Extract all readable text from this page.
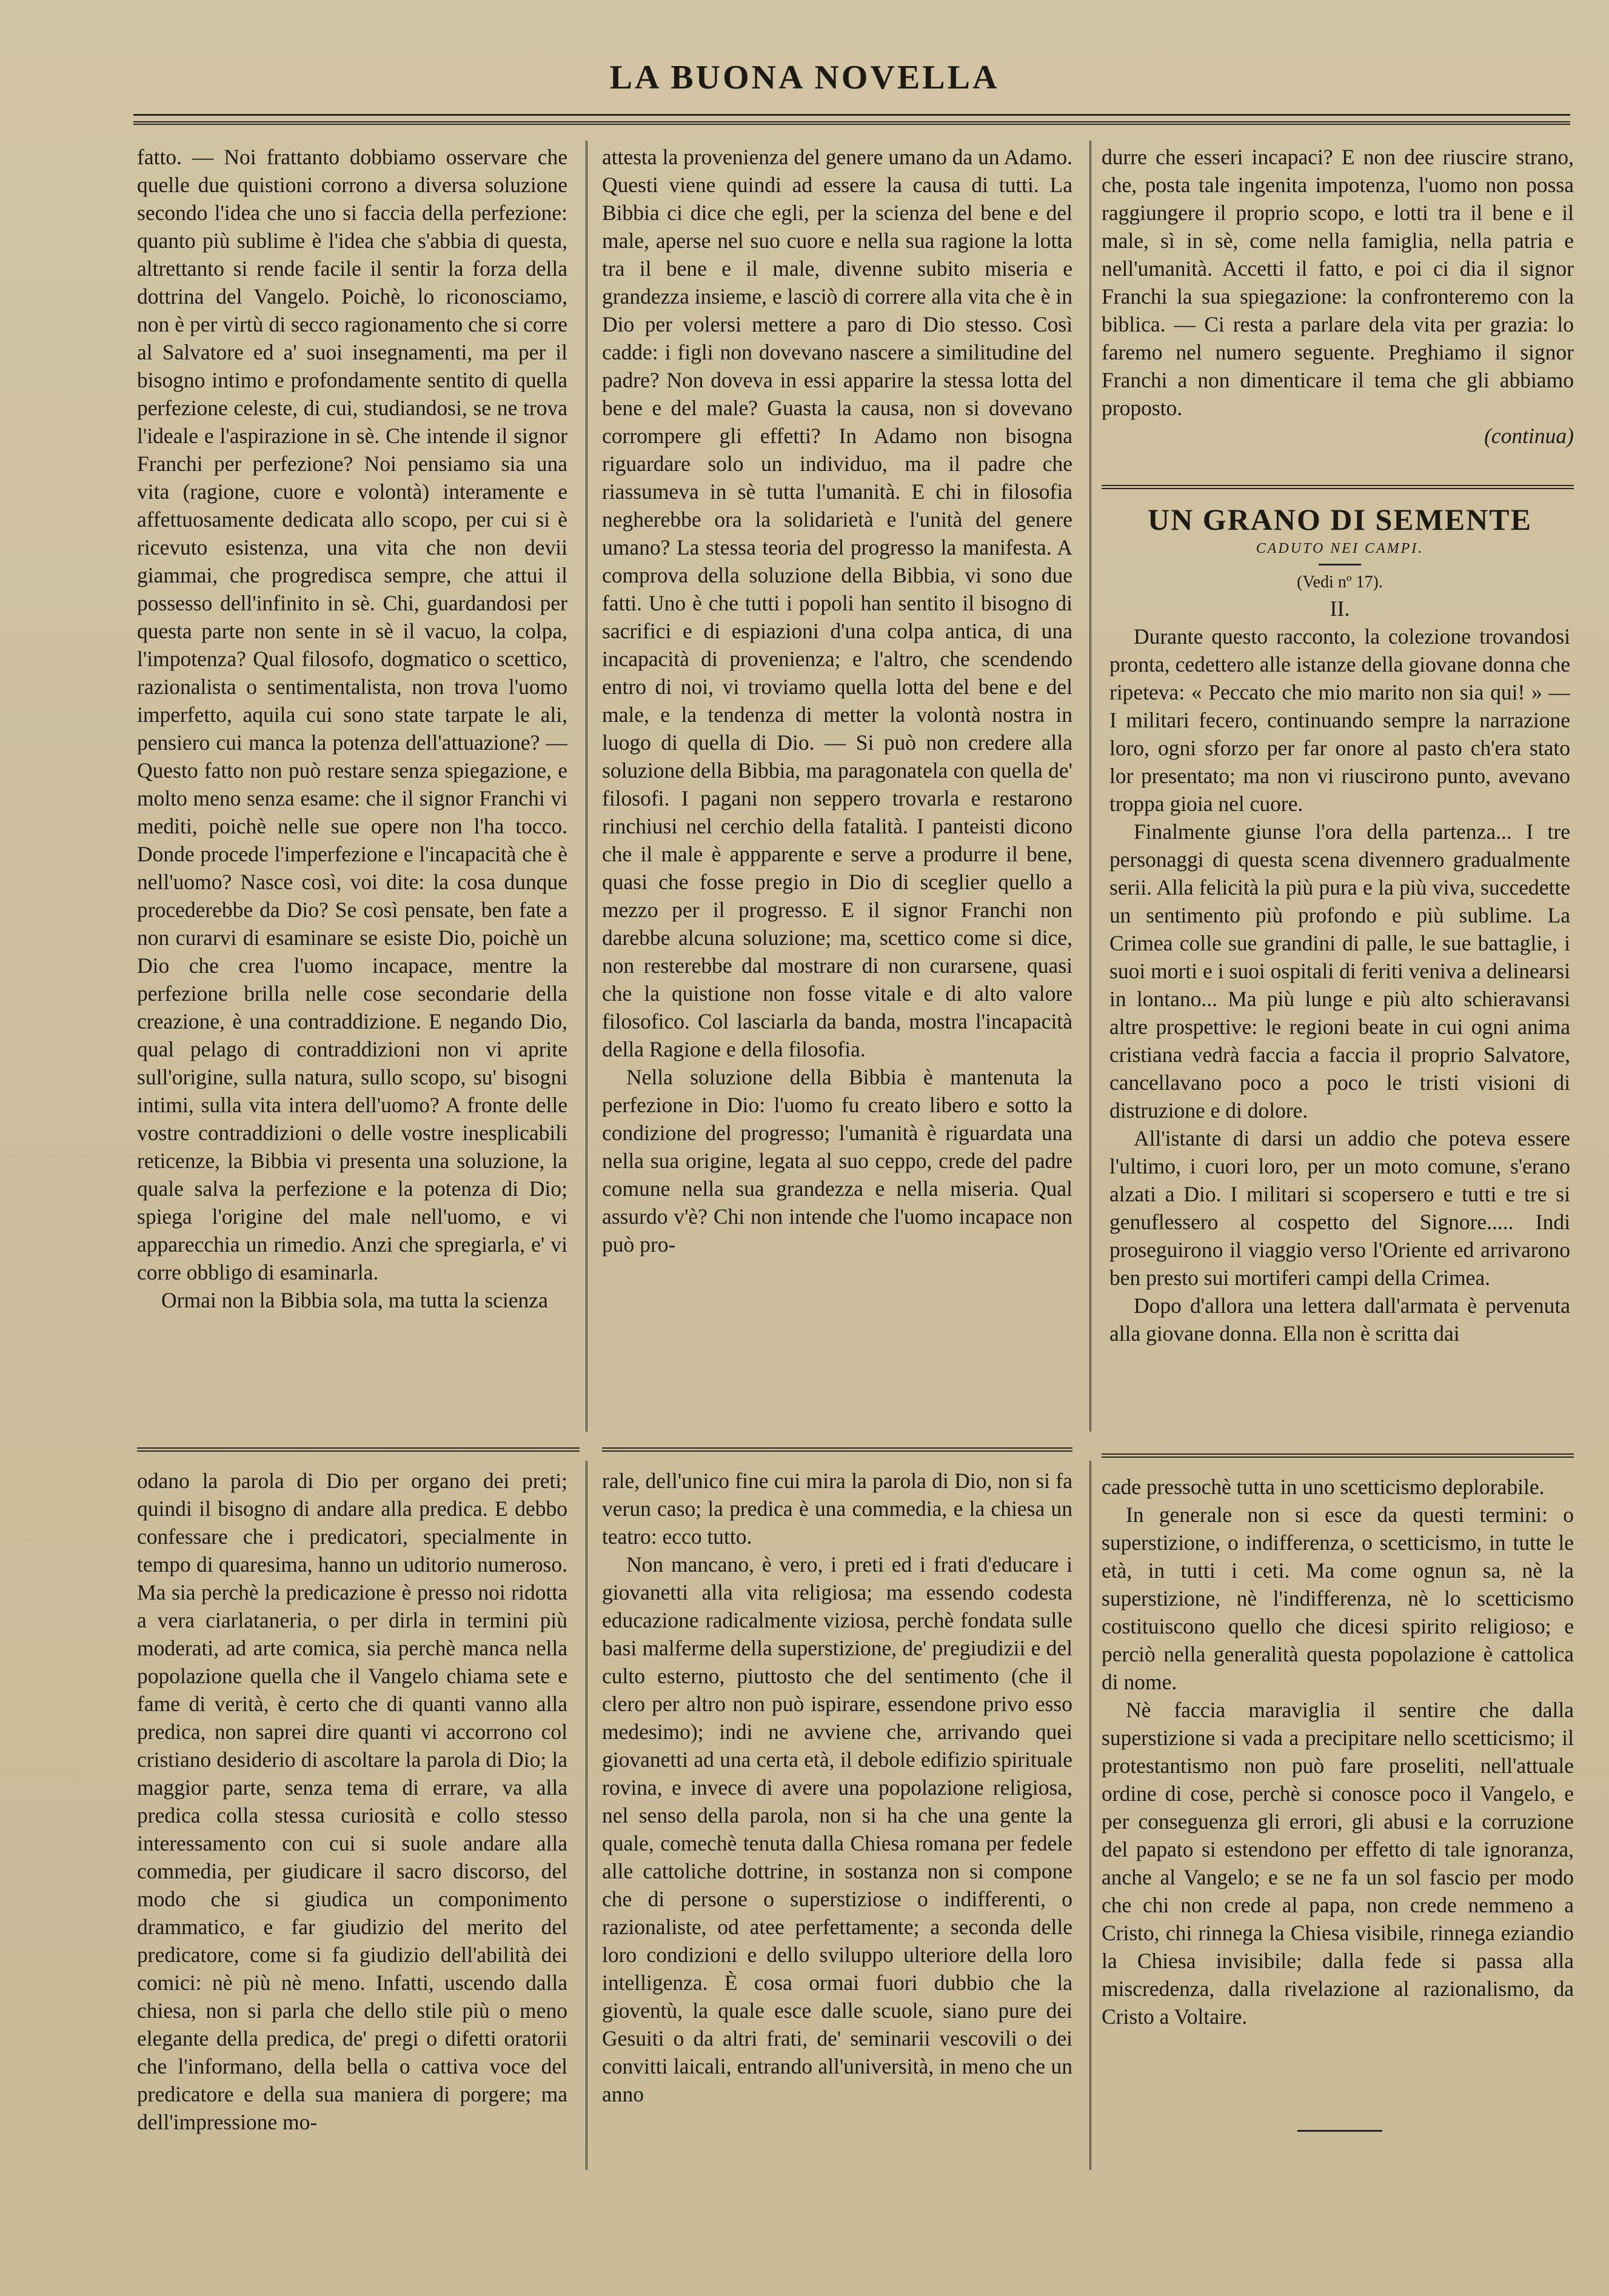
LA BUONA NOVELLA

fatto. — Noi frattanto dobbiamo osservare che quelle due quistioni corrono a diversa soluzione secondo l'idea che uno si faccia della perfezione: quanto più sublime è l'idea che s'abbia di questa, altrettanto si rende facile il sentir la forza della dottrina del Vangelo. Poichè, lo riconosciamo, non è per virtù di secco ragionamento che si corre al Salvatore ed a' suoi insegnamenti, ma per il bisogno intimo e profondamente sentito di quella perfezione celeste, di cui, studiandosi, se ne trova l'ideale e l'aspirazione in sè. Che intende il signor Franchi per perfezione? Noi pensiamo sia una vita (ragione, cuore e volontà) interamente e affettuosamente dedicata allo scopo, per cui si è ricevuto esistenza, una vita che non devii giammai, che progredisca sempre, che attui il possesso dell'infinito in sè. Chi, guardandosi per questa parte non sente in sè il vacuo, la colpa, l'impotenza? Qual filosofo, dogmatico o scettico, razionalista o sentimentalista, non trova l'uomo imperfetto, aquila cui sono state tarpate le ali, pensiero cui manca la potenza dell'attuazione? — Questo fatto non può restare senza spiegazione, e molto meno senza esame: che il signor Franchi vi mediti, poichè nelle sue opere non l'ha tocco. Donde procede l'imperfezione e l'incapacità che è nell'uomo? Nasce così, voi dite: la cosa dunque procederebbe da Dio? Se così pensate, ben fate a non curarvi di esaminare se esiste Dio, poichè un Dio che crea l'uomo incapace, mentre la perfezione brilla nelle cose secondarie della creazione, è una contraddizione. E negando Dio, qual pelago di contraddizioni non vi aprite sull'origine, sulla natura, sullo scopo, su' bisogni intimi, sulla vita intera dell'uomo? A fronte delle vostre contraddizioni o delle vostre inesplicabili reticenze, la Bibbia vi presenta una soluzione, la quale salva la perfezione e la potenza di Dio; spiega l'origine del male nell'uomo, e vi apparecchia un rimedio. Anzi che spregiarla, e' vi corre obbligo di esaminarla.

Ormai non la Bibbia sola, ma tutta la scienza

attesta la provenienza del genere umano da un Adamo. Questi viene quindi ad essere la causa di tutti. La Bibbia ci dice che egli, per la scienza del bene e del male, aperse nel suo cuore e nella sua ragione la lotta tra il bene e il male, divenne subito miseria e grandezza insieme, e lasciò di correre alla vita che è in Dio per volersi mettere a paro di Dio stesso. Così cadde: i figli non dovevano nascere a similitudine del padre? Non doveva in essi apparire la stessa lotta del bene e del male? Guasta la causa, non si dovevano corrompere gli effetti? In Adamo non bisogna riguardare solo un individuo, ma il padre che riassumeva in sè tutta l'umanità. E chi in filosofia negherebbe ora la solidarietà e l'unità del genere umano? La stessa teoria del progresso la manifesta. A comprova della soluzione della Bibbia, vi sono due fatti. Uno è che tutti i popoli han sentito il bisogno di sacrifici e di espiazioni d'una colpa antica, di una incapacità di provenienza; e l'altro, che scendendo entro di noi, vi troviamo quella lotta del bene e del male, e la tendenza di metter la volontà nostra in luogo di quella di Dio. — Si può non credere alla soluzione della Bibbia, ma paragonatela con quella de' filosofi. I pagani non seppero trovarla e restarono rinchiusi nel cerchio della fatalità. I panteisti dicono che il male è appparente e serve a produrre il bene, quasi che fosse pregio in Dio di sceglier quello a mezzo per il progresso. E il signor Franchi non darebbe alcuna soluzione; ma, scettico come si dice, non resterebbe dal mostrare di non curarsene, quasi che la quistione non fosse vitale e di alto valore filosofico. Col lasciarla da banda, mostra l'incapacità della Ragione e della filosofia.

Nella soluzione della Bibbia è mantenuta la perfezione in Dio: l'uomo fu creato libero e sotto la condizione del progresso; l'umanità è riguardata una nella sua origine, legata al suo ceppo, crede del padre comune nella sua grandezza e nella miseria. Qual assurdo v'è? Chi non intende che l'uomo incapace non può pro-

durre che esseri incapaci? E non dee riuscire strano, che, posta tale ingenita impotenza, l'uomo non possa raggiungere il proprio scopo, e lotti tra il bene e il male, sì in sè, come nella famiglia, nella patria e nell'umanità. Accetti il fatto, e poi ci dia il signor Franchi la sua spiegazione: la confronteremo con la biblica. — Ci resta a parlare dela vita per grazia: lo faremo nel numero seguente. Preghiamo il signor Franchi a non dimenticare il tema che gli abbiamo proposto.

(continua)

UN GRANO DI SEMENTE
CADUTO NEI CAMPI.
(Vedi nº 17).
II.

Durante questo racconto, la colezione trovandosi pronta, cedettero alle istanze della giovane donna che ripeteva: « Peccato che mio marito non sia qui! » — I militari fecero, continuando sempre la narrazione loro, ogni sforzo per far onore al pasto ch'era stato lor presentato; ma non vi riuscirono punto, avevano troppa gioia nel cuore.

Finalmente giunse l'ora della partenza... I tre personaggi di questa scena divennero gradualmente serii. Alla felicità la più pura e la più viva, succedette un sentimento più profondo e più sublime. La Crimea colle sue grandini di palle, le sue battaglie, i suoi morti e i suoi ospitali di feriti veniva a delinearsi in lontano... Ma più lunge e più alto schieravansi altre prospettive: le regioni beate in cui ogni anima cristiana vedrà faccia a faccia il proprio Salvatore, cancellavano poco a poco le tristi visioni di distruzione e di dolore.

All'istante di darsi un addio che poteva essere l'ultimo, i cuori loro, per un moto comune, s'erano alzati a Dio. I militari si scopersero e tutti e tre si genuflessero al cospetto del Signore..... Indi proseguirono il viaggio verso l'Oriente ed arrivarono ben presto sui mortiferi campi della Crimea.

Dopo d'allora una lettera dall'armata è pervenuta alla giovane donna. Ella non è scritta dai

odano la parola di Dio per organo dei preti; quindi il bisogno di andare alla predica. E debbo confessare che i predicatori, specialmente in tempo di quaresima, hanno un uditorio numeroso. Ma sia perchè la predicazione è presso noi ridotta a vera ciarlataneria, o per dirla in termini più moderati, ad arte comica, sia perchè manca nella popolazione quella che il Vangelo chiama sete e fame di verità, è certo che di quanti vanno alla predica, non saprei dire quanti vi accorrono col cristiano desiderio di ascoltare la parola di Dio; la maggior parte, senza tema di errare, va alla predica colla stessa curiosità e collo stesso interessamento con cui si suole andare alla commedia, per giudicare il sacro discorso, del modo che si giudica un componimento drammatico, e far giudizio del merito del predicatore, come si fa giudizio dell'abilità dei comici: nè più nè meno. Infatti, uscendo dalla chiesa, non si parla che dello stile più o meno elegante della predica, de' pregi o difetti oratorii che l'informano, della bella o cattiva voce del predicatore e della sua maniera di porgere; ma dell'impressione mo-

rale, dell'unico fine cui mira la parola di Dio, non si fa verun caso; la predica è una commedia, e la chiesa un teatro: ecco tutto.

Non mancano, è vero, i preti ed i frati d'educare i giovanetti alla vita religiosa; ma essendo codesta educazione radicalmente viziosa, perchè fondata sulle basi malferme della superstizione, de' pregiudizii e del culto esterno, piuttosto che del sentimento (che il clero per altro non può ispirare, essendone privo esso medesimo); indi ne avviene che, arrivando quei giovanetti ad una certa età, il debole edifizio spirituale rovina, e invece di avere una popolazione religiosa, nel senso della parola, non si ha che una gente la quale, comechè tenuta dalla Chiesa romana per fedele alle cattoliche dottrine, in sostanza non si compone che di persone o superstiziose o indifferenti, o razionaliste, od atee perfettamente; a seconda delle loro condizioni e dello sviluppo ulteriore della loro intelligenza. È cosa ormai fuori dubbio che la gioventù, la quale esce dalle scuole, siano pure dei Gesuiti o da altri frati, de' seminarii vescovili o dei convitti laicali, entrando all'università, in meno che un anno

cade pressochè tutta in uno scetticismo deplorabile.

In generale non si esce da questi termini: o superstizione, o indifferenza, o scetticismo, in tutte le età, in tutti i ceti. Ma come ognun sa, nè la superstizione, nè l'indifferenza, nè lo scetticismo costituiscono quello che dicesi spirito religioso; e perciò nella generalità questa popolazione è cattolica di nome.

Nè faccia maraviglia il sentire che dalla superstizione si vada a precipitare nello scetticismo; il protestantismo non può fare proseliti, nell'attuale ordine di cose, perchè si conosce poco il Vangelo, e per conseguenza gli errori, gli abusi e la corruzione del papato si estendono per effetto di tale ignoranza, anche al Vangelo; e se ne fa un sol fascio per modo che chi non crede al papa, non crede nemmeno a Cristo, chi rinnega la Chiesa visibile, rinnega eziandio la Chiesa invisibile; dalla fede si passa alla miscredenza, dalla rivelazione al razionalismo, da Cristo a Voltaire.
